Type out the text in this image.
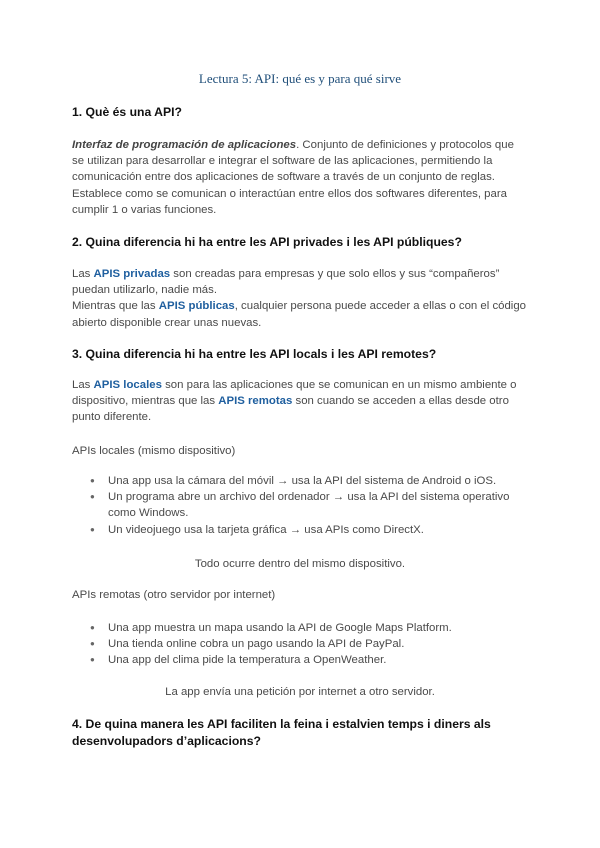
Lectura 5: API: qué es y para qué sirve
1. Què és una API?
Interfaz de programación de aplicaciones. Conjunto de definiciones y protocolos que se utilizan para desarrollar e integrar el software de las aplicaciones, permitiendo la comunicación entre dos aplicaciones de software a través de un conjunto de reglas. Establece como se comunican o interactúan entre ellos dos softwares diferentes, para cumplir 1 o varias funciones.
2. Quina diferencia hi ha entre les API privades i les API públiques?
Las APIS privadas son creadas para empresas y que solo ellos y sus “compañeros” puedan utilizarlo, nadie más.
Mientras que las APIS públicas, cualquier persona puede acceder a ellas o con el código abierto disponible crear unas nuevas.
3. Quina diferencia hi ha entre les API locals i les API remotes?
Las APIS locales son para las aplicaciones que se comunican en un mismo ambiente o dispositivo, mientras que las APIS remotas son cuando se acceden a ellas desde otro punto diferente.
APIs locales (mismo dispositivo)
● Una app usa la cámara del móvil → usa la API del sistema de Android o iOS.
● Un programa abre un archivo del ordenador → usa la API del sistema operativo como Windows.
● Un videojuego usa la tarjeta gráfica → usa APIs como DirectX.
Todo ocurre dentro del mismo dispositivo.
APIs remotas (otro servidor por internet)
● Una app muestra un mapa usando la API de Google Maps Platform.
● Una tienda online cobra un pago usando la API de PayPal.
● Una app del clima pide la temperatura a OpenWeather.
La app envía una petición por internet a otro servidor.
4. De quina manera les API faciliten la feina i estalvien temps i diners als desenvolupadors d’aplicacions?
